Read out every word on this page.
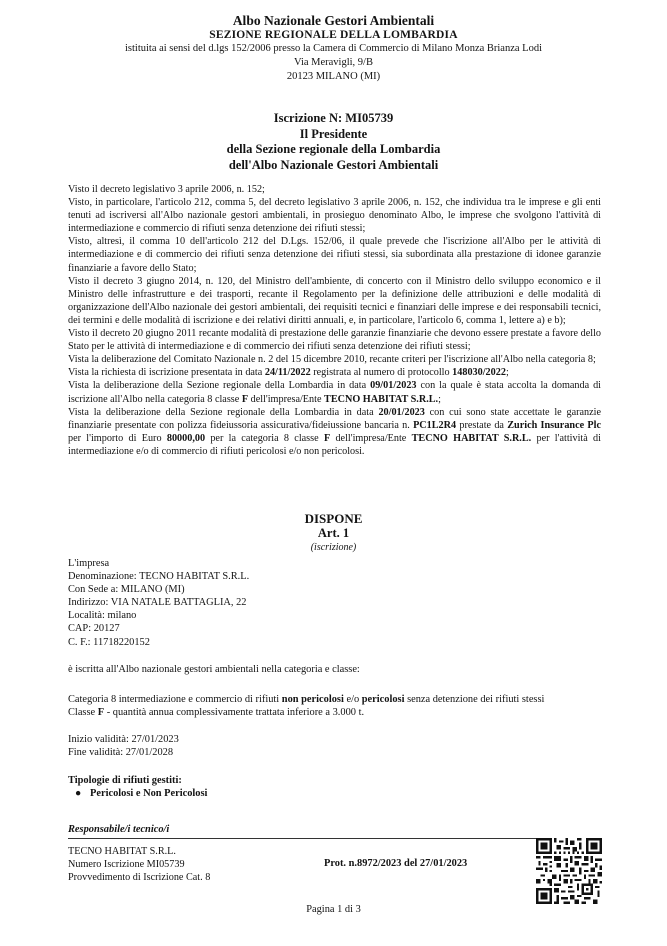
Albo Nazionale Gestori Ambientali
SEZIONE REGIONALE DELLA LOMBARDIA
istituita ai sensi del d.lgs 152/2006 presso la Camera di Commercio di Milano Monza Brianza Lodi
Via Meravigli, 9/B
20123 MILANO (MI)
Iscrizione N: MI05739
Il Presidente
della Sezione regionale della Lombardia
dell'Albo Nazionale Gestori Ambientali

Visto il decreto legislativo 3 aprile 2006, n. 152;

Visto, in particolare, l'articolo 212, comma 5, del decreto legislativo 3 aprile 2006, n. 152, che individua tra le imprese e gli enti tenuti ad iscriversi all'Albo nazionale gestori ambientali, in prosieguo denominato Albo, le imprese che svolgono l'attività di intermediazione e commercio di rifiuti senza detenzione dei rifiuti stessi;

Visto, altresì, il comma 10 dell'articolo 212 del D.Lgs. 152/06, il quale prevede che l'iscrizione all'Albo per le attività di intermediazione e di commercio dei rifiuti senza detenzione dei rifiuti stessi, sia subordinata alla prestazione di idonee garanzie finanziarie a favore dello Stato;

Visto il decreto 3 giugno 2014, n. 120, del Ministro dell'ambiente, di concerto con il Ministro dello sviluppo economico e il Ministro delle infrastrutture e dei trasporti, recante il Regolamento per la definizione delle attribuzioni e delle modalità di organizzazione dell'Albo nazionale dei gestori ambientali, dei requisiti tecnici e finanziari delle imprese e dei responsabili tecnici, dei termini e delle modalità di iscrizione e dei relativi diritti annuali, e, in particolare, l'articolo 6, comma 1, lettere a) e b);

Visto il decreto 20 giugno 2011 recante modalità di prestazione delle garanzie finanziarie che devono essere prestate a favore dello Stato per le attività di intermediazione e di commercio dei rifiuti senza detenzione dei rifiuti stessi;

Vista la deliberazione del Comitato Nazionale n. 2 del 15 dicembre 2010, recante criteri per l'iscrizione all'Albo nella categoria 8;

Vista la richiesta di iscrizione presentata in data 24/11/2022 registrata al numero di protocollo 148030/2022;

Vista la deliberazione della Sezione regionale della Lombardia in data 09/01/2023 con la quale è stata accolta la domanda di iscrizione all'Albo nella categoria 8 classe F dell'impresa/Ente TECNO HABITAT S.R.L.;

Vista la deliberazione della Sezione regionale della Lombardia in data 20/01/2023 con cui sono state accettate le garanzie finanziarie presentate con polizza fideiussoria assicurativa/fideiussione bancaria n. PC1L2R4 prestate da Zurich Insurance Plc per l'importo di Euro 80000,00 per la categoria 8 classe F dell'impresa/Ente TECNO HABITAT S.R.L. per l'attività di intermediazione e/o di commercio di rifiuti pericolosi e/o non pericolosi.

DISPONE
Art. 1
(iscrizione)
L'impresa
Denominazione: TECNO HABITAT S.R.L.
Con Sede a: MILANO (MI)
Indirizzo: VIA NATALE BATTAGLIA, 22
Località: milano
CAP: 20127
C. F.: 11718220152
è iscritta all'Albo nazionale gestori ambientali nella categoria e classe:
Categoria 8 intermediazione e commercio di rifiuti non pericolosi e/o pericolosi senza detenzione dei rifiuti stessi
Classe F - quantità annua complessivamente trattata inferiore a 3.000 t.
Inizio validità: 27/01/2023
Fine validità: 27/01/2028
Tipologie di rifiuti gestiti:
● Pericolosi e Non Pericolosi
Responsabile/i tecnico/i
TECNO HABITAT S.R.L.
Numero Iscrizione MI05739
Provvedimento di Iscrizione Cat. 8
Prot. n.8972/2023 del 27/01/2023
Pagina 1 di 3
